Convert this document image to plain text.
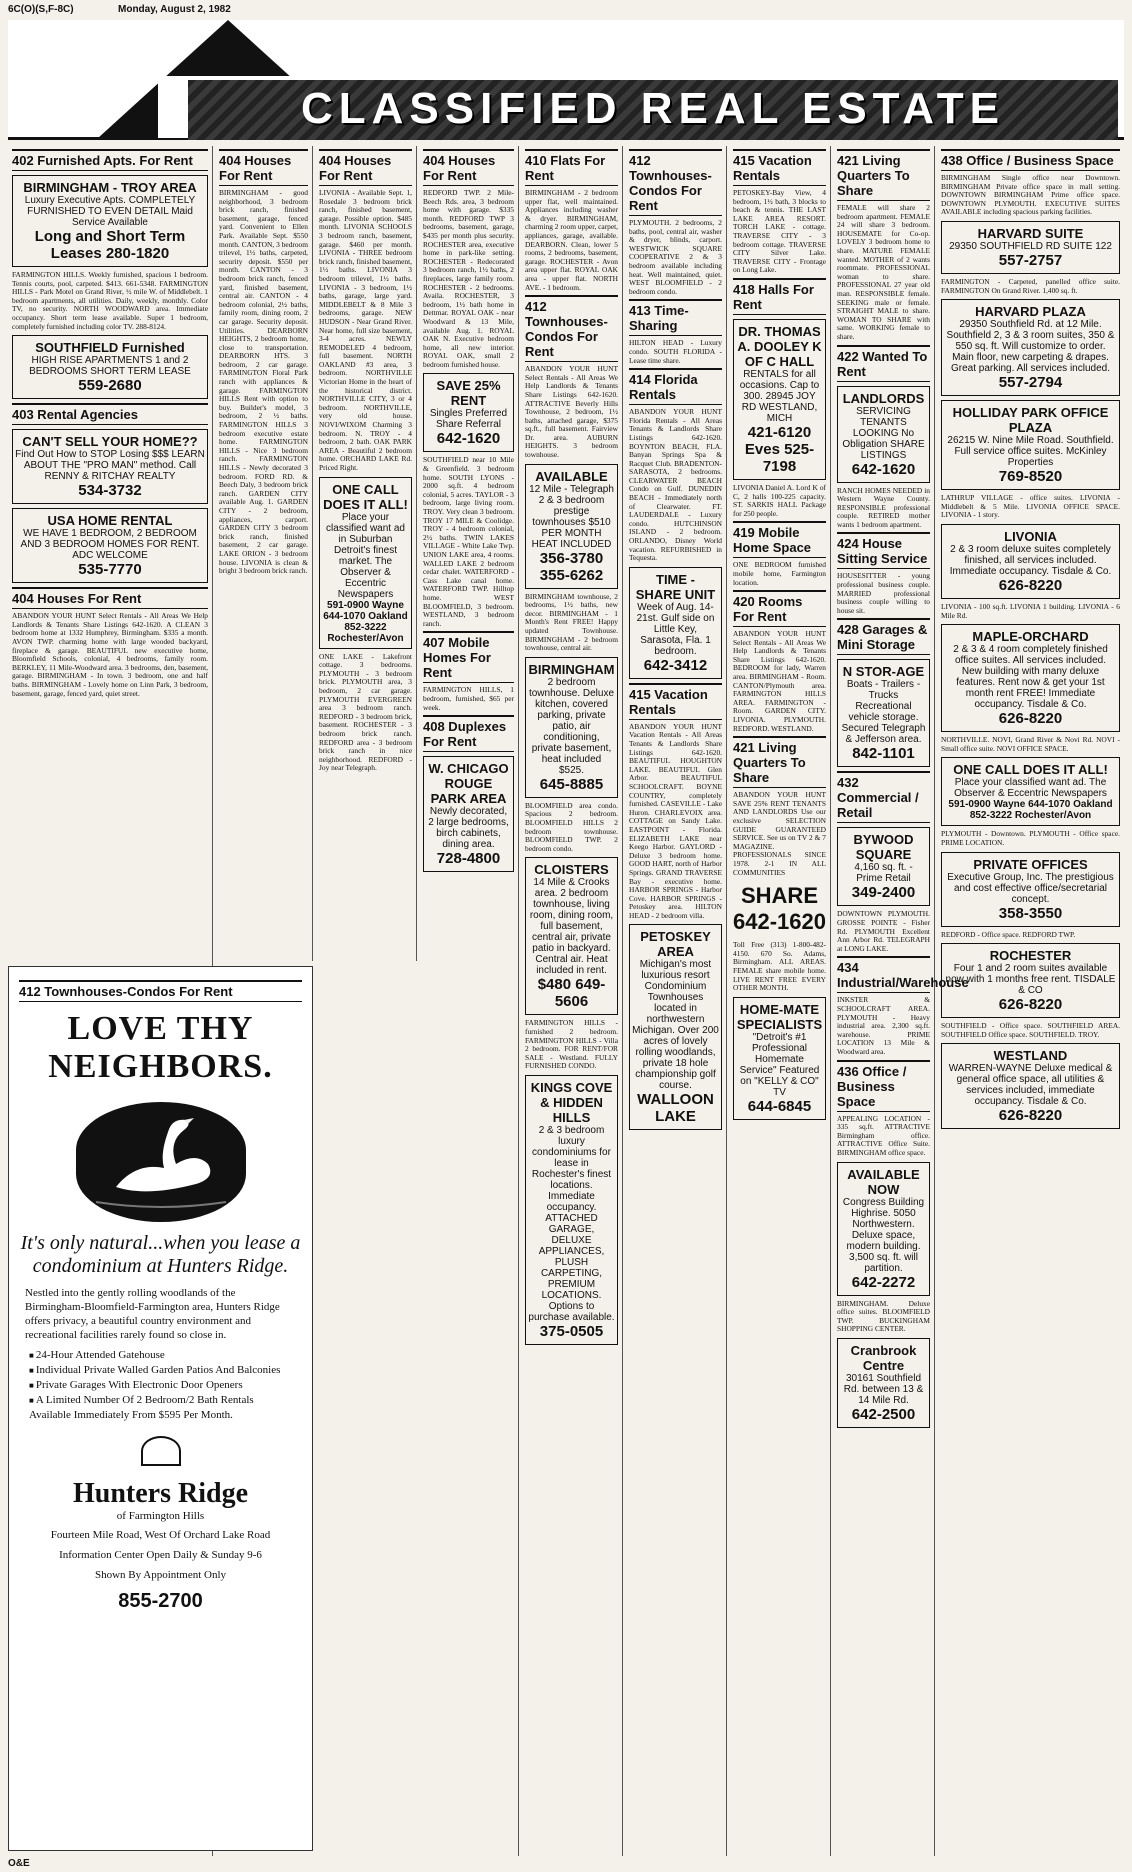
6C(O)(S,F-8C)	Monday, August 2, 1982
CLASSIFIED REAL ESTATE
402 Furnished Apts. For Rent
BIRMINGHAM - TROY AREA
Luxury Executive Apts. COMPLETELY FURNISHED TO EVEN DETAIL Maid Service Available
Long and Short Term Leases 280-1820
FARMINGTON HILLS. Weekly furnished, spacious 1 bedroom. Tennis courts, pool, carpeted. $413. 661-5348. FARMINGTON HILLS - Park Motel on Grand River, ½ mile W. of Middlebelt. 1 bedroom apartments, all utilities. Daily, weekly, monthly. Color TV, no security. NORTH WOODWARD area. Immediate occupancy. Short term lease available. Super 1 bedroom, completely furnished including color TV. 288-8124.
SOUTHFIELD Furnished
HIGH RISE APARTMENTS 1 and 2 BEDROOMS SHORT TERM LEASE
559-2680
403 Rental Agencies
CAN'T SELL YOUR HOME??
Find Out How to STOP Losing $$$ LEARN ABOUT THE "PRO MAN" method. Call RENNY & RITCHAY REALTY
534-3732
USA HOME RENTAL
WE HAVE 1 BEDROOM, 2 BEDROOM AND 3 BEDROOM HOMES FOR RENT. ADC WELCOME
535-7770
404 Houses For Rent
ABANDON YOUR HUNT Select Rentals - All Areas We Help Landlords & Tenants Share Listings 642-1620. A CLEAN 3 bedroom home at 1332 Humphrey, Birmingham. $335 a month. AVON TWP. charming home with large wooded backyard, fireplace & garage. BEAUTIFUL new executive home, Bloomfield Schools, colonial, 4 bedrooms, family room. BERKLEY, 11 Mile-Woodward area. 3 bedrooms, den, basement, garage. BIRMINGHAM - In town. 3 bedroom, one and half baths. BIRMINGHAM - Lovely home on Linn Park, 3 bedroom, basement, garage, fenced yard, quiet street.
412 Townhouses-Condos For Rent
LOVE THY NEIGHBORS.
It's only natural...when you lease a condominium at Hunters Ridge.
Nestled into the gently rolling woodlands of the Birmingham-Bloomfield-Farmington area, Hunters Ridge offers privacy, a beautiful country environment and recreational facilities rarely found so close in.
■ 24-Hour Attended Gatehouse
■ Individual Private Walled Garden Patios And Balconies
■ Private Garages With Electronic Door Openers
■ A Limited Number Of 2 Bedroom/2 Bath Rentals Available Immediately From $595 Per Month.
Hunters Ridge
of Farmington Hills
Fourteen Mile Road, West Of Orchard Lake Road
Information Center Open Daily & Sunday 9-6
Shown By Appointment Only
855-2700
404 Houses For Rent
BIRMINGHAM - good neighborhood, 3 bedroom brick ranch, finished basement, garage, fenced yard. Convenient to Ellen Park. Available Sept. $550 month. CANTON, 3 bedroom trilevel, 1½ baths, carpeted, security deposit. $550 per month. CANTON - 3 bedroom brick ranch, fenced yard, finished basement, central air. CANTON - 4 bedroom colonial, 2½ baths, family room, dining room, 2 car garage. Security deposit. Utilities. DEARBORN HEIGHTS, 2 bedroom home, close to transportation. DEARBORN HTS. 3 bedroom, 2 car garage. FARMINGTON Floral Park ranch with appliances & garage. FARMINGTON HILLS Rent with option to buy. Builder's model, 3 bedroom, 2 ½ baths. FARMINGTON HILLS 3 bedroom executive estate home. FARMINGTON HILLS - Nice 3 bedroom ranch. FARMINGTON HILLS - Newly decorated 3 bedroom. FORD RD. & Beech Daly, 3 bedroom brick ranch. GARDEN CITY available Aug. 1. GARDEN CITY - 2 bedroom, appliances, carport. GARDEN CITY 3 bedroom brick ranch, finished basement, 2 car garage. LAKE ORION - 3 bedroom house. LIVONIA is clean & bright 3 bedroom brick ranch.
404 Houses For Rent
LIVONIA - Available Sept. 1, Rosedale 3 bedroom brick ranch, finished basement, garage. Possible option. $485 month. LIVONIA SCHOOLS 3 bedroom ranch, basement, garage. $460 per month. LIVONIA - THREE bedroom brick ranch, finished basement, 1½ baths. LIVONIA 3 bedroom trilevel, 1½ baths. LIVONIA - 3 bedroom, 1½ baths, garage, large yard. MIDDLEBELT & 8 Mile 3 bedrooms, garage. NEW HUDSON - Near Grand River. Near home, full size basement, 3-4 acres. NEWLY REMODELED 4 bedroom, full basement. NORTH OAKLAND #3 area, 3 bedroom. NORTHVILLE Victorian Home in the heart of the historical district. NORTHVILLE CITY, 3 or 4 bedroom. NORTHVILLE, very old house. NOVI/WIXOM Charming 3 bedroom. N. TROY - 4 bedroom, 2 bath. OAK PARK AREA - Beautiful 2 bedroom home. ORCHARD LAKE Rd. Priced Right.
ONE CALL DOES IT ALL!
Place your classified want ad in Suburban Detroit's finest market. The Observer & Eccentric Newspapers
591-0900 Wayne 644-1070 Oakland 852-3222 Rochester/Avon
ONE LAKE - Lakefront cottage. 3 bedrooms. PLYMOUTH - 3 bedroom brick. PLYMOUTH area, 3 bedroom, 2 car garage. PLYMOUTH EVERGREEN area 3 bedroom ranch. REDFORD - 3 bedroom brick, basement. ROCHESTER - 3 bedroom brick ranch. REDFORD area - 3 bedroom brick ranch in nice neighborhood. REDFORD - Joy near Telegraph.
404 Houses For Rent
REDFORD TWP. 2 Mile-Beech Rds. area, 3 bedroom home with garage. $335 month. REDFORD TWP 3 bedrooms, basement, garage, $435 per month plus security. ROCHESTER area, executive home in park-like setting. ROCHESTER - Redecorated 3 bedroom ranch, 1½ baths, 2 fireplaces, large family room. ROCHESTER - 2 bedrooms. Availa. ROCHESTER, 3 bedroom, 1½ bath home in Dettmar. ROYAL OAK - near Woodward & 13 Mile, available Aug. 1. ROYAL OAK N. Executive bedroom home, all new interior. ROYAL OAK, small 2 bedroom furnished house.
SAVE 25% RENT
Singles Preferred Share Referral
642-1620
SOUTHFIELD near 10 Mile & Greenfield. 3 bedroom home. SOUTH LYONS - 2000 sq.ft. 4 bedroom colonial, 5 acres. TAYLOR - 3 bedroom, large living room. TROY. Very clean 3 bedroom. TROY 17 MILE & Coolidge. TROY - 4 bedroom colonial, 2½ baths. TWIN LAKES VILLAGE - White Lake Twp. UNION LAKE area, 4 rooms. WALLED LAKE 2 bedroom cedar chalet. WATERFORD - Cass Lake canal home. WATERFORD TWP. Hilltop home. WEST BLOOMFIELD, 3 bedroom. WESTLAND, 3 bedroom ranch.
407 Mobile Homes For Rent
FARMINGTON HILLS, 1 bedroom, furnished, $65 per week.
408 Duplexes For Rent
W. CHICAGO ROUGE PARK AREA
Newly decorated, 2 large bedrooms, birch cabinets, dining area.
728-4800
410 Flats For Rent
BIRMINGHAM - 2 bedroom upper flat, well maintained. Appliances including washer & dryer. BIRMINGHAM, charming 2 room upper, carpet, appliances, garage, available. DEARBORN. Clean, lower 5 rooms, 2 bedrooms, basement, garage. ROCHESTER - Avon area upper flat. ROYAL OAK area - upper flat. NORTH AVE. - 1 bedroom.
412 Townhouses-Condos For Rent
ABANDON YOUR HUNT Select Rentals - All Areas We Help Landlords & Tenants Share Listings 642-1620. ATTRACTIVE Beverly Hills Townhouse, 2 bedroom, 1½ baths, attached garage, $375 sq.ft., full basement. Fairview Dr. area. AUBURN HEIGHTS. 3 bedroom townhouse.
AVAILABLE
12 Mile - Telegraph 2 & 3 bedroom prestige townhouses $510 PER MONTH HEAT INCLUDED
356-3780 355-6262
BIRMINGHAM townhouse, 2 bedrooms, 1½ baths, new decor. BIRMINGHAM - 1 Month's Rent FREE! Happy updated Townhouse. BIRMINGHAM - 2 bedroom townhouse, central air.
BIRMINGHAM
2 bedroom townhouse. Deluxe kitchen, covered parking, private patio, air conditioning, private basement, heat included $525.
645-8885
BLOOMFIELD area condo. Spacious 2 bedroom. BLOOMFIELD HILLS 2 bedroom townhouse. BLOOMFIELD TWP. 2 bedroom condo.
CLOISTERS
14 Mile & Crooks area. 2 bedroom townhouse, living room, dining room, full basement, central air, private patio in backyard. Central air. Heat included in rent.
$480 649-5606
FARMINGTON HILLS - furnished 2 bedroom. FARMINGTON HILLS - Villa 2 bedroom. FOR RENT/FOR SALE - Westland. FULLY FURNISHED CONDO.
KINGS COVE & HIDDEN HILLS
2 & 3 bedroom luxury condominiums for lease in Rochester's finest locations. Immediate occupancy. ATTACHED GARAGE, DELUXE APPLIANCES, PLUSH CARPETING, PREMIUM LOCATIONS. Options to purchase available.
375-0505
412 Townhouses-Condos For Rent
PLYMOUTH. 2 bedrooms, 2 baths, pool, central air, washer & dryer, blinds, carport. WESTWICK SQUARE COOPERATIVE 2 & 3 bedroom available including heat. Well maintained, quiet. WEST BLOOMFIELD - 2 bedroom condo.
413 Time-Sharing
HILTON HEAD - Luxury condo. SOUTH FLORIDA - Lease time share.
414 Florida Rentals
ABANDON YOUR HUNT Florida Rentals - All Areas Tenants & Landlords Share Listings 642-1620. BOYNTON BEACH, FLA. Banyan Springs Spa & Racquet Club. BRADENTON-SARASOTA, 2 bedrooms. CLEARWATER BEACH Condo on Gulf. DUNEDIN BEACH - Immediately north of Clearwater. FT. LAUDERDALE - Luxury condo. HUTCHINSON ISLAND - 2 bedroom. ORLANDO, Disney World vacation. REFURBISHED in Tequesta.
TIME - SHARE UNIT
Week of Aug. 14-21st. Gulf side on Little Key, Sarasota, Fla. 1 bedroom.
642-3412
415 Vacation Rentals
ABANDON YOUR HUNT Vacation Rentals - All Areas Tenants & Landlords Share Listings 642-1620. BEAUTIFUL HOUGHTON LAKE. BEAUTIFUL Glen Arbor. BEAUTIFUL SCHOOLCRAFT. BOYNE COUNTRY, completely furnished. CASEVILLE - Lake Huron. CHARLEVOIX area. COTTAGE on Sandy Lake. EASTPOINT - Florida. ELIZABETH LAKE near Keego Harbor. GAYLORD - Deluxe 3 bedroom home. GOOD HART, north of Harbor Springs. GRAND TRAVERSE Bay - executive home. HARBOR SPRINGS - Harbor Cove. HARBOR SPRINGS - Petoskey area. HILTON HEAD - 2 bedroom villa.
PETOSKEY AREA
Michigan's most luxurious resort Condominium Townhouses located in northwestern Michigan. Over 200 acres of lovely rolling woodlands, private 18 hole championship golf course.
WALLOON LAKE
415 Vacation Rentals
PETOSKEY-Bay View, 4 bedroom, 1½ bath, 3 blocks to beach & tennis. THE LAST LAKE AREA RESORT. TORCH LAKE - cottage. TRAVERSE CITY - 3 bedroom cottage. TRAVERSE CITY Silver Lake. TRAVERSE CITY - Frontage on Long Lake.
418 Halls For Rent
DR. THOMAS A. DOOLEY K OF C HALL
RENTALS for all occasions. Cap to 300. 28945 JOY RD WESTLAND, MICH
421-6120 Eves 525-7198
LIVONIA Daniel A. Lord K of C, 2 halls 100-225 capacity. ST. SARKIS HALL Package for 250 people.
419 Mobile Home Space
ONE BEDROOM furnished mobile home, Farmington location.
420 Rooms For Rent
ABANDON YOUR HUNT Select Rentals - All Areas We Help Landlords & Tenants Share Listings 642-1620. BEDROOM for lady, Warren area. BIRMINGHAM - Room. CANTON/Plymouth area. FARMINGTON HILLS AREA. FARMINGTON - Room. GARDEN CITY. LIVONIA. PLYMOUTH. REDFORD. WESTLAND.
421 Living Quarters To Share
ABANDON YOUR HUNT SAVE 25% RENT TENANTS AND LANDLORDS Use our exclusive SELECTION GUIDE GUARANTEED SERVICE. See us on TV 2 & 7 MAGAZINE. PROFESSIONALS SINCE 1978. 2-1 IN ALL COMMUNITIES
SHARE 642-1620
Toll Free (313) 1-800-482-4150. 670 So. Adams, Birmingham. ALL AREAS. FEMALE share mobile home. LIVE RENT FREE EVERY OTHER MONTH.
HOME-MATE SPECIALISTS
"Detroit's #1 Professional Homemate Service" Featured on "KELLY & CO" TV
644-6845
421 Living Quarters To Share
FEMALE will share 2 bedroom apartment. FEMALE 24 will share 3 bedroom. HOUSEMATE for Co-op. LOVELY 3 bedroom home to share. MATURE FEMALE wanted. MOTHER of 2 wants roommate. PROFESSIONAL woman to share. PROFESSIONAL 27 year old man. RESPONSIBLE female. SEEKING male or female. STRAIGHT MALE to share. WOMAN TO SHARE with same. WORKING female to share.
422 Wanted To Rent
LANDLORDS
SERVICING TENANTS LOOKING No Obligation SHARE LISTINGS
642-1620
RANCH HOMES NEEDED in Western Wayne County. RESPONSIBLE professional couple. RETIRED mother wants 1 bedroom apartment.
424 House Sitting Service
HOUSESITTER - young professional business couple. MARRIED professional business couple willing to house sit.
428 Garages & Mini Storage
N STOR-AGE
Boats - Trailers - Trucks Recreational vehicle storage. Secured Telegraph & Jefferson area.
842-1101
432 Commercial / Retail
BYWOOD SQUARE
4,160 sq. ft. - Prime Retail
349-2400
DOWNTOWN PLYMOUTH. GROSSE POINTE - Fisher Rd. PLYMOUTH Excellent Ann Arbor Rd. TELEGRAPH at LONG LAKE.
434 Industrial/Warehouse
INKSTER & SCHOOLCRAFT AREA. PLYMOUTH - Heavy industrial area. 2,300 sq.ft. warehouse. PRIME LOCATION 13 Mile & Woodward area.
436 Office / Business Space
APPEALING LOCATION - 335 sq.ft. ATTRACTIVE Birmingham office. ATTRACTIVE Office Suite. BIRMINGHAM office space.
AVAILABLE NOW
Congress Building Highrise. 5050 Northwestern. Deluxe space, modern building. 3,500 sq. ft. will partition.
642-2272
BIRMINGHAM. Deluxe office suites. BLOOMFIELD TWP. BUCKINGHAM SHOPPING CENTER.
Cranbrook Centre
30161 Southfield Rd. between 13 & 14 Mile Rd.
642-2500
438 Office / Business Space
BIRMINGHAM Single office near Downtown. BIRMINGHAM Private office space in mall setting. DOWNTOWN BIRMINGHAM Prime office space. DOWNTOWN PLYMOUTH. EXECUTIVE SUITES AVAILABLE including spacious parking facilities.
HARVARD SUITE
29350 SOUTHFIELD RD SUITE 122
557-2757
FARMINGTON - Carpeted, panelled office suite. FARMINGTON On Grand River. 1,400 sq. ft.
HARVARD PLAZA
29350 Southfield Rd. at 12 Mile. Southfield 2, 3 & 3 room suites, 350 & 550 sq. ft. Will customize to order. Main floor, new carpeting & drapes. Great parking. All services included.
557-2794
HOLLIDAY PARK OFFICE PLAZA
26215 W. Nine Mile Road. Southfield. Full service office suites. McKinley Properties
769-8520
LATHRUP VILLAGE - office suites. LIVONIA - Middlebelt & 5 Mile. LIVONIA OFFICE SPACE. LIVONIA - 1 story.
LIVONIA
2 & 3 room deluxe suites completely finished, all services included. Immediate occupancy. Tisdale & Co.
626-8220
LIVONIA - 100 sq.ft. LIVONIA 1 building. LIVONIA - 6 Mile Rd.
MAPLE-ORCHARD
2 & 3 & 4 room completely finished office suites. All services included. New building with many deluxe features. Rent now & get your 1st month rent FREE! Immediate occupancy. Tisdale & Co.
626-8220
NORTHVILLE. NOVI, Grand River & Novi Rd. NOVI - Small office suite. NOVI OFFICE SPACE.
ONE CALL DOES IT ALL!
Place your classified want ad. The Observer & Eccentric Newspapers
591-0900 Wayne 644-1070 Oakland 852-3222 Rochester/Avon
PLYMOUTH - Downtown. PLYMOUTH - Office space. PRIME LOCATION.
PRIVATE OFFICES
Executive Group, Inc. The prestigious and cost effective office/secretarial concept.
358-3550
REDFORD - Office space. REDFORD TWP.
ROCHESTER
Four 1 and 2 room suites available now with 1 months free rent. TISDALE & CO
626-8220
SOUTHFIELD - Office space. SOUTHFIELD AREA. SOUTHFIELD Office space. SOUTHFIELD. TROY.
WESTLAND
WARREN-WAYNE Deluxe medical & general office space, all utilities & services included, immediate occupancy. Tisdale & Co.
626-8220
O&E
